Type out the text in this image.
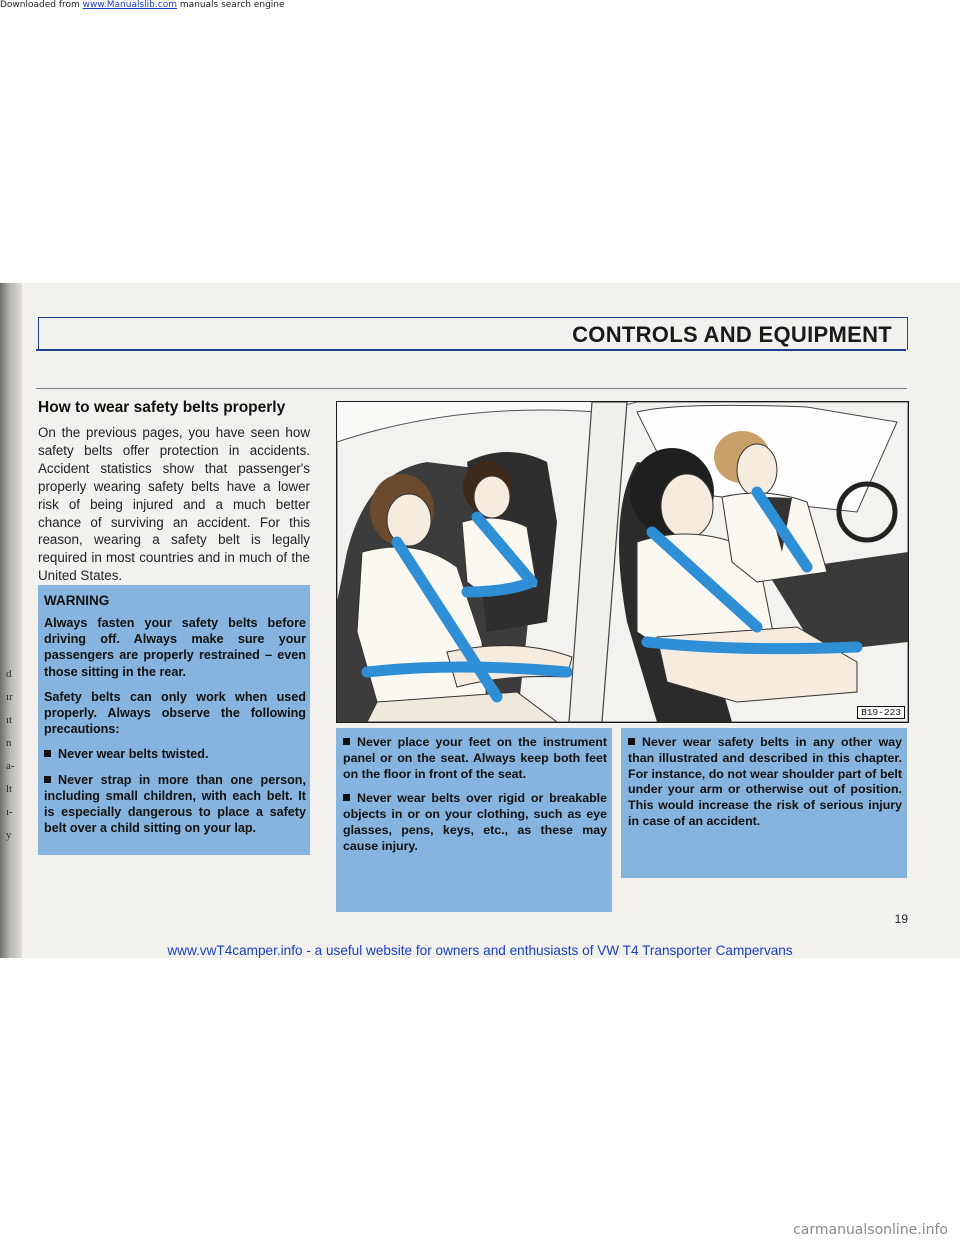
Downloaded from www.Manualslib.com manuals search engine
d
ır
ıt
n
a-
lt
ı-
y
CONTROLS AND EQUIPMENT
How to wear safety belts properly
On the previous pages, you have seen how safety belts offer protection in accidents. Accident statistics show that passenger's properly wearing safety belts have a lower risk of being injured and a much better chance of surviving an accident. For this reason, wearing a safety belt is legally required in most countries and in much of the United States.
WARNING

Always fasten your safety belts before driving off. Always make sure your passengers are properly restrained – even those sitting in the rear.

Safety belts can only work when used properly. Always observe the following precautions:

Never wear belts twisted.

Never strap in more than one person, including small children, with each belt. It is especially dangerous to place a safety belt over a child sitting on your lap.

B19-223

Never place your feet on the instrument panel or on the seat. Always keep both feet on the floor in front of the seat.

Never wear belts over rigid or breakable objects in or on your clothing, such as eye glasses, pens, keys, etc., as these may cause injury.

Never wear safety belts in any other way than illustrated and described in this chapter. For instance, do not wear shoulder part of belt under your arm or otherwise out of position. This would increase the risk of serious injury in case of an accident.

19
www.vwT4camper.info - a useful website for owners and enthusiasts of VW T4 Transporter Campervans
carmanualsonline.info
